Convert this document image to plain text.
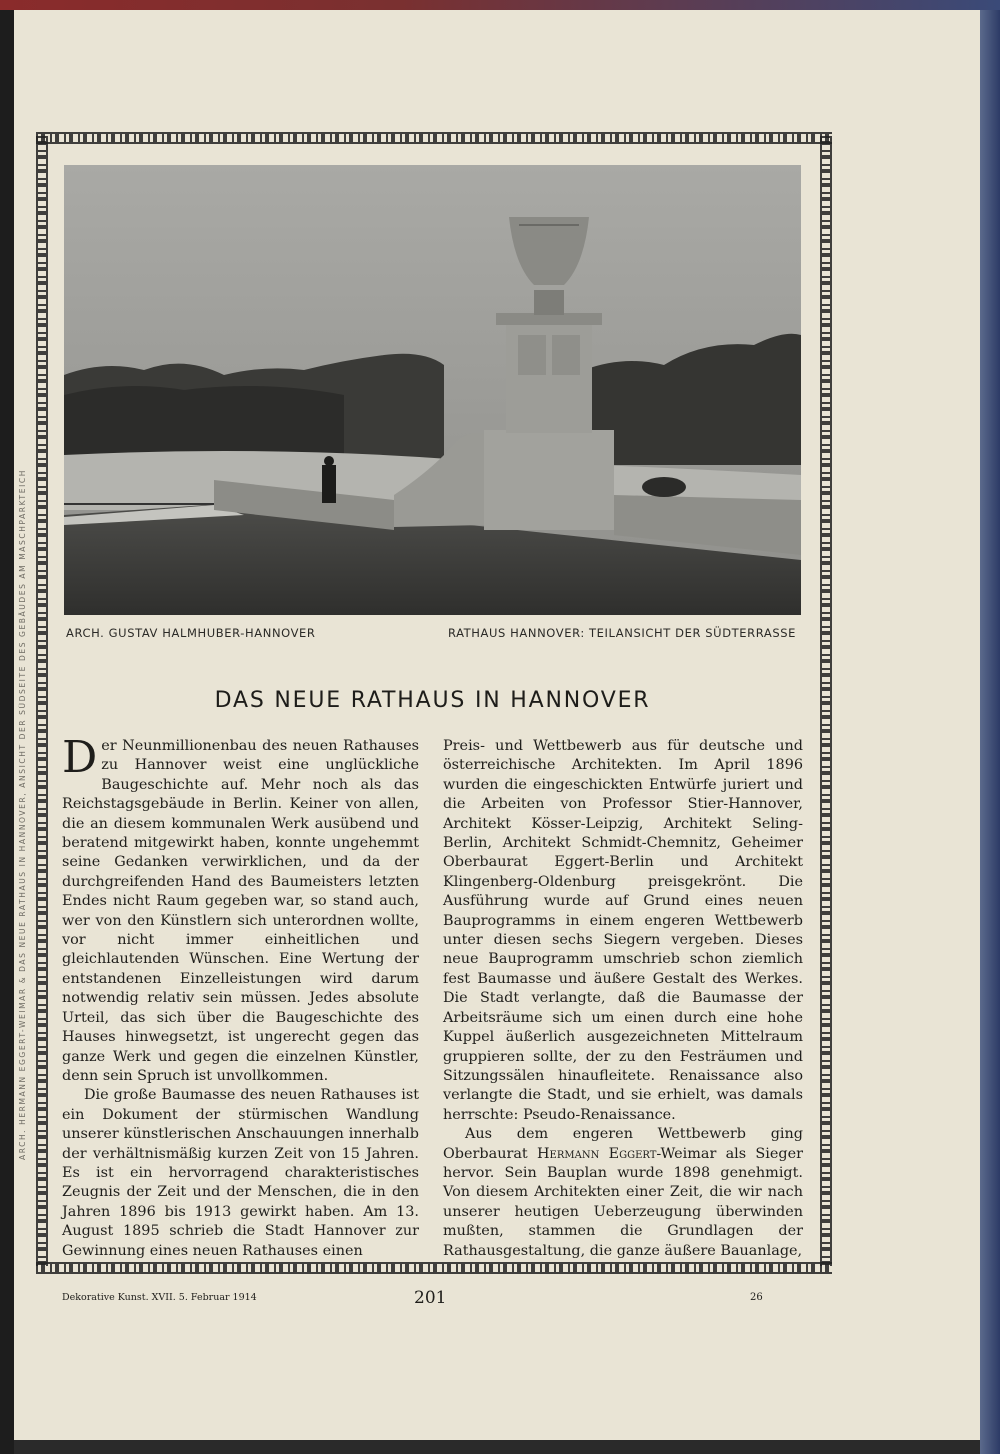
ARCH. HERMANN EGGERT-WEIMAR & DAS NEUE RATHAUS IN HANNOVER, ANSICHT DER SÜDSEITE DES GEBÄUDES AM MASCHPARKTEICH	ARCH. GUSTAV HALMHUBER-HANNOVER	RATHAUS HANNOVER: TEILANSICHT DER SÜDTERRASSE
DAS NEUE RATHAUS IN HANNOVER

Der Neunmillionenbau des neuen Rathauses zu Hannover weist eine unglückliche Baugeschichte auf. Mehr noch als das Reichstagsgebäude in Berlin. Keiner von allen, die an diesem kommunalen Werk ausübend und beratend mitgewirkt haben, konnte ungehemmt seine Gedanken verwirklichen, und da der durchgreifenden Hand des Baumeisters letzten Endes nicht Raum gegeben war, so stand auch, wer von den Künstlern sich unterordnen wollte, vor nicht immer einheitlichen und gleichlautenden Wünschen. Eine Wertung der entstandenen Einzelleistungen wird darum notwendig relativ sein müssen. Jedes absolute Urteil, das sich über die Baugeschichte des Hauses hinwegsetzt, ist ungerecht gegen das ganze Werk und gegen die einzelnen Künstler, denn sein Spruch ist unvollkommen.

Die große Baumasse des neuen Rathauses ist ein Dokument der stürmischen Wandlung unserer künstlerischen Anschauungen innerhalb der verhältnismäßig kurzen Zeit von 15 Jahren. Es ist ein hervorragend charakteristisches Zeugnis der Zeit und der Menschen, die in den Jahren 1896 bis 1913 gewirkt haben. Am 13. August 1895 schrieb die Stadt Hannover zur Gewinnung eines neuen Rathauses einen

Preis- und Wettbewerb aus für deutsche und österreichische Architekten. Im April 1896 wurden die eingeschickten Entwürfe juriert und die Arbeiten von Professor Stier-Hannover, Architekt Kösser-Leipzig, Architekt Seling-Berlin, Architekt Schmidt-Chemnitz, Geheimer Oberbaurat Eggert-Berlin und Architekt Klingenberg-Oldenburg preisgekrönt. Die Ausführung wurde auf Grund eines neuen Bauprogramms in einem engeren Wettbewerb unter diesen sechs Siegern vergeben. Dieses neue Bauprogramm umschrieb schon ziemlich fest Baumasse und äußere Gestalt des Werkes. Die Stadt verlangte, daß die Baumasse der Arbeitsräume sich um einen durch eine hohe Kuppel äußerlich ausgezeichneten Mittelraum gruppieren sollte, der zu den Festräumen und Sitzungssälen hinaufleitete. Renaissance also verlangte die Stadt, und sie erhielt, was damals herrschte: Pseudo-Renaissance.

Aus dem engeren Wettbewerb ging Oberbaurat Hermann Eggert-Weimar als Sieger hervor. Sein Bauplan wurde 1898 genehmigt. Von diesem Architekten einer Zeit, die wir nach unserer heutigen Ueberzeugung überwinden mußten, stammen die Grundlagen der Rathausgestaltung, die ganze äußere Bauanlage,

Dekorative Kunst. XVII. 5. Februar 1914	201	26
